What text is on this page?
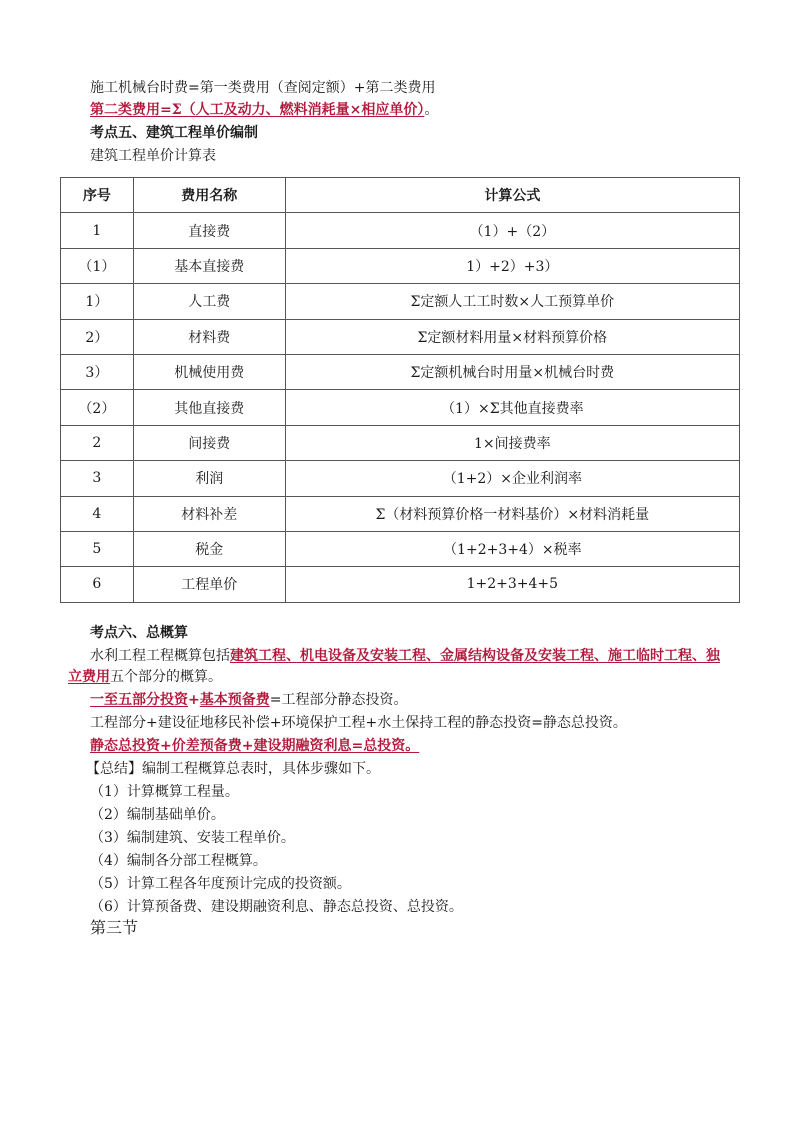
施工机械台时费=第一类费用（查阅定额）+第二类费用
第二类费用=Σ（人工及动力、燃料消耗量×相应单价）。
考点五、建筑工程单价编制
建筑工程单价计算表
序号	费用名称	计算公式
1	直接费	（1）+（2）
（1）	基本直接费	1）+2）+3）
1）	人工费	Σ定额人工工时数×人工预算单价
2）	材料费	Σ定额材料用量×材料预算价格
3）	机械使用费	Σ定额机械台时用量×机械台时费
（2）	其他直接费	（1）×Σ其他直接费率
2	间接费	1×间接费率
3	利润	（1+2）×企业利润率
4	材料补差	Σ（材料预算价格一材料基价）×材料消耗量
5	税金	（1+2+3+4）×税率
6	工程单价	1+2+3+4+5
考点六、总概算
水利工程工程概算包括建筑工程、机电设备及安装工程、金属结构设备及安装工程、施工临时工程、独立费用五个部分的概算。
一至五部分投资+基本预备费=工程部分静态投资。
工程部分+建设征地移民补偿+环境保护工程+水土保持工程的静态投资=静态总投资。
静态总投资+价差预备费+建设期融资利息=总投资。
【总结】编制工程概算总表时，具体步骤如下。
（1）计算概算工程量。
（2）编制基础单价。
（3）编制建筑、安装工程单价。
（4）编制各分部工程概算。
（5）计算工程各年度预计完成的投资额。
（6）计算预备费、建设期融资利息、静态总投资、总投资。
第三节
